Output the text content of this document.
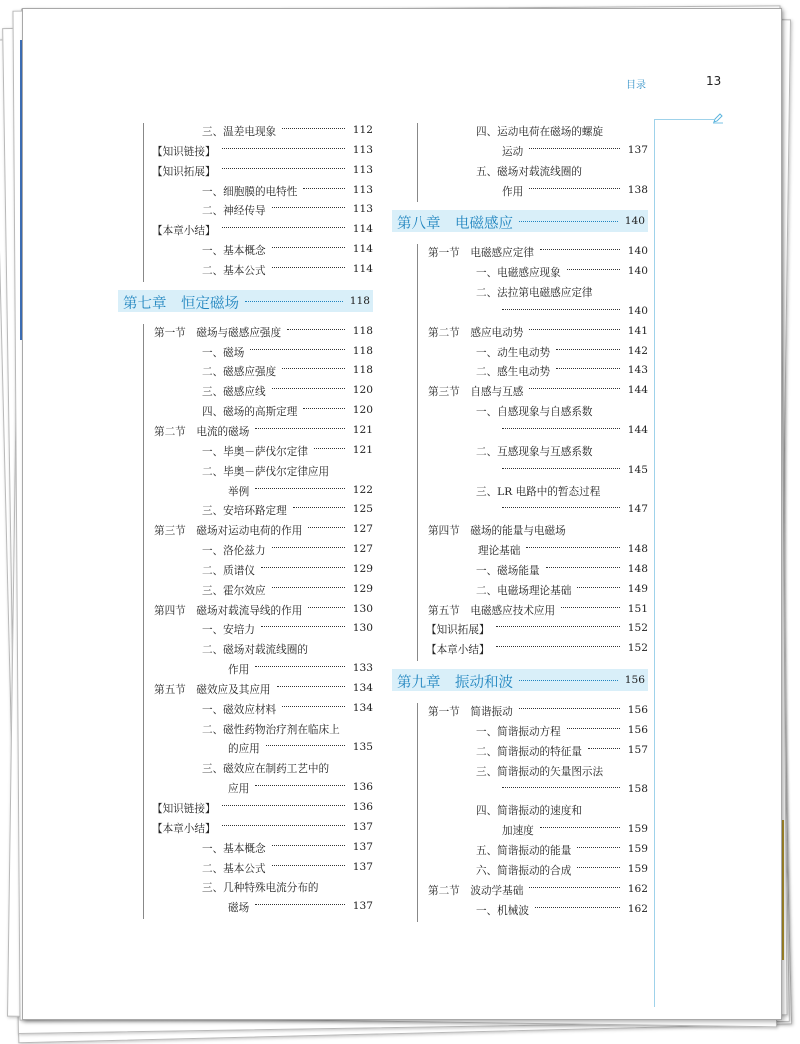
目录	13
三、温差电现象	112
【知识链接】	113
【知识拓展】	113
一、细胞膜的电特性	113
二、神经传导	113
【本章小结】	114
一、基本概念	114
二、基本公式	114
第七章　恒定磁场	118
第一节　磁场与磁感应强度	118
一、磁场	118
二、磁感应强度	118
三、磁感应线	120
四、磁场的高斯定理	120
第二节　电流的磁场	121
一、毕奥－萨伐尔定律	121
二、毕奥－萨伐尔定律应用
举例	122
三、安培环路定理	125
第三节　磁场对运动电荷的作用	127
一、洛伦兹力	127
二、质谱仪	129
三、霍尔效应	129
第四节　磁场对载流导线的作用	130
一、安培力	130
二、磁场对载流线圈的
作用	133
第五节　磁效应及其应用	134
一、磁效应材料	134
二、磁性药物治疗剂在临床上
的应用	135
三、磁效应在制药工艺中的
应用	136
【知识链接】	136
【本章小结】	137
一、基本概念	137
二、基本公式	137
三、几种特殊电流分布的
磁场	137
四、运动电荷在磁场的螺旋
运动	137
五、磁场对载流线圈的
作用	138
第八章　电磁感应	140
第一节　电磁感应定律	140
一、电磁感应现象	140
二、法拉第电磁感应定律
140
第二节　感应电动势	141
一、动生电动势	142
二、感生电动势	143
第三节　自感与互感	144
一、自感现象与自感系数
144
二、互感现象与互感系数
145
三、LR 电路中的暂态过程
147
第四节　磁场的能量与电磁场
理论基础	148
一、磁场能量	148
二、电磁场理论基础	149
第五节　电磁感应技术应用	151
【知识拓展】	152
【本章小结】	152
第九章　振动和波	156
第一节　简谐振动	156
一、简谐振动方程	156
二、简谐振动的特征量	157
三、简谐振动的矢量图示法
158
四、简谐振动的速度和
加速度	159
五、简谐振动的能量	159
六、简谐振动的合成	159
第二节　波动学基础	162
一、机械波	162
